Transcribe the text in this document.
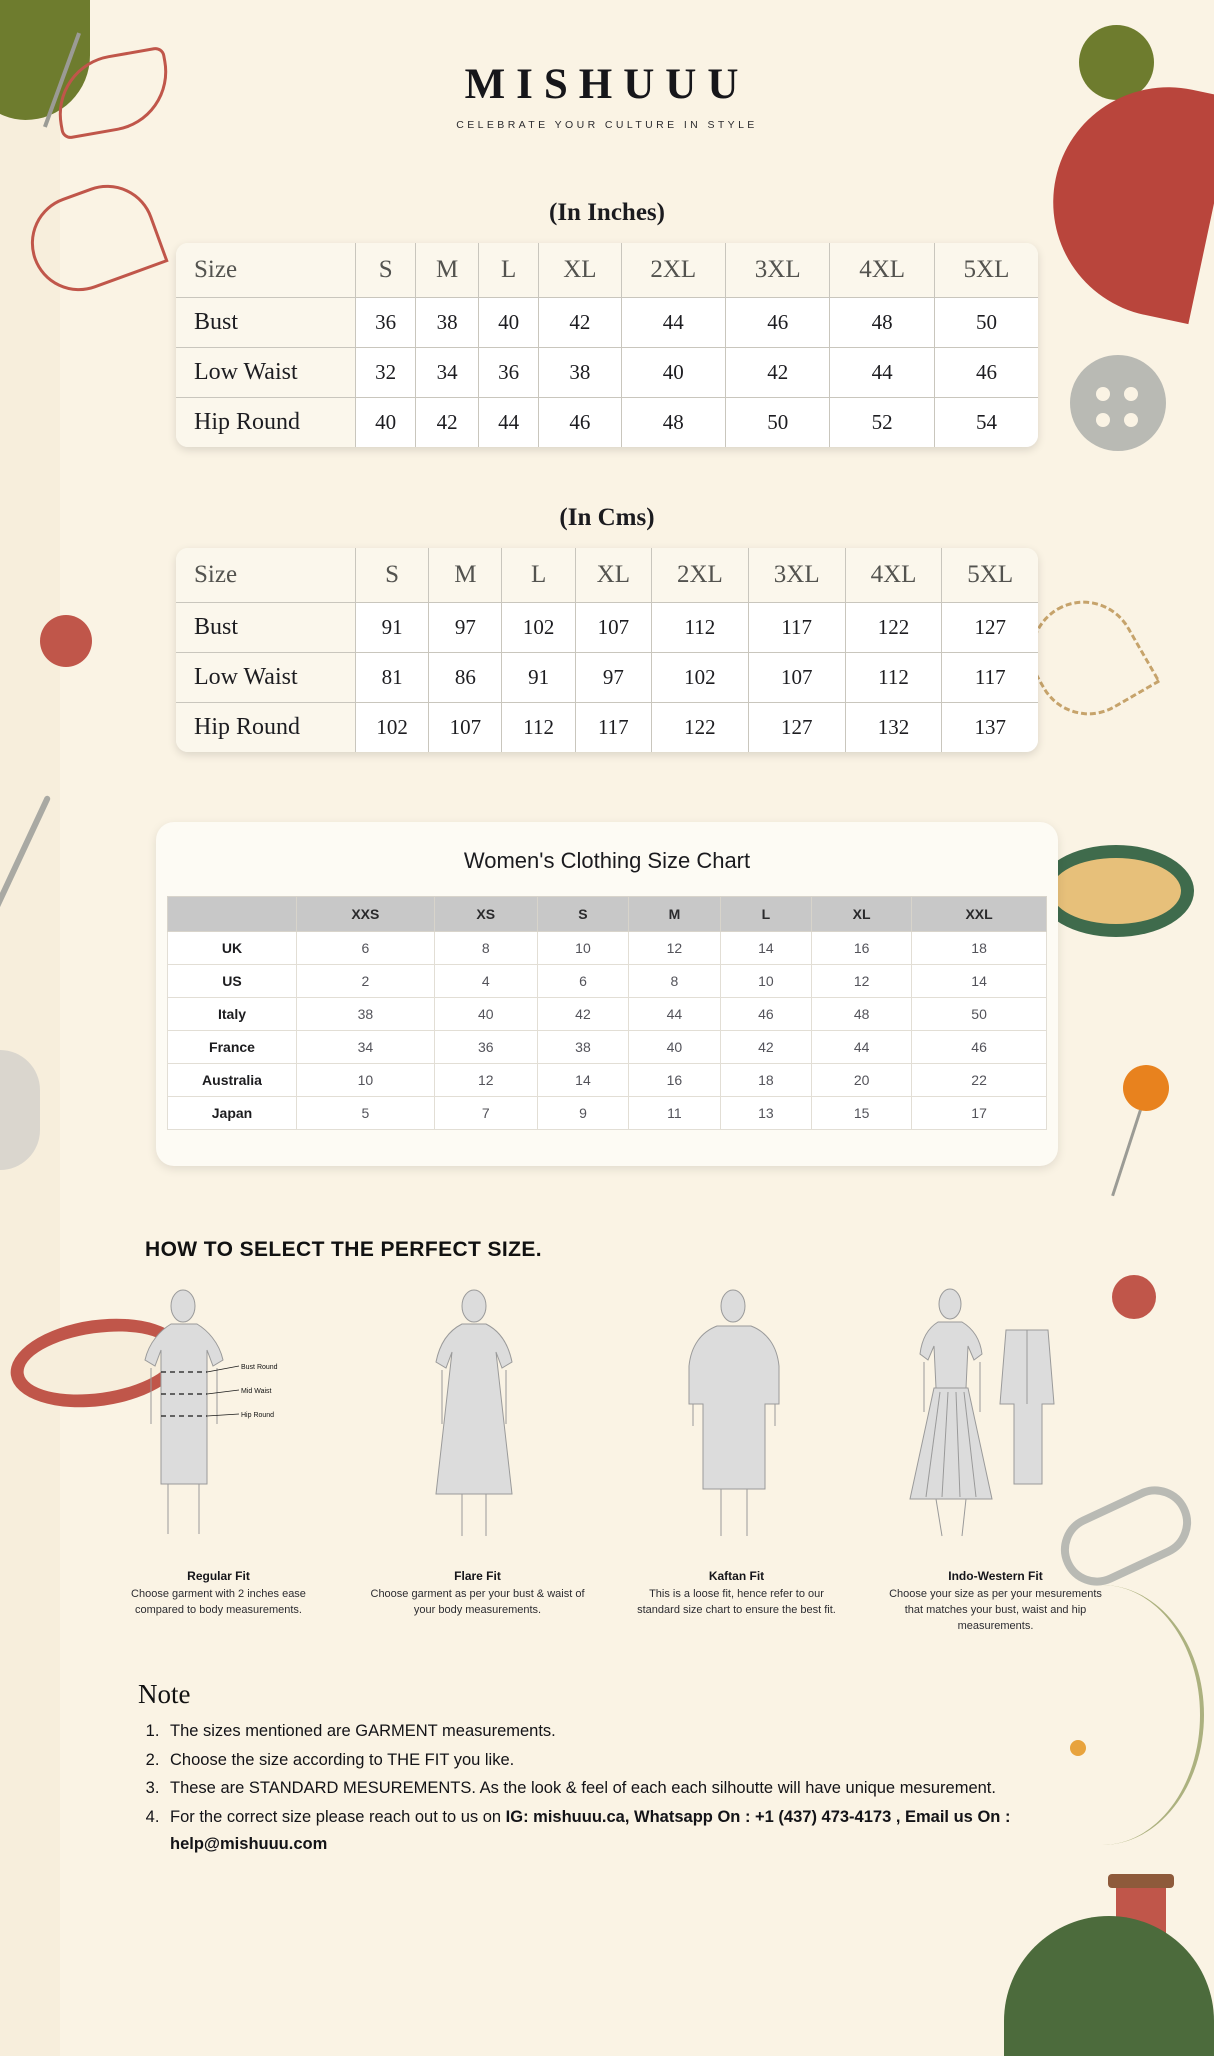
MISHUUU
CELEBRATE YOUR CULTURE IN STYLE
(In Inches)
Size	S	M	L	XL	2XL	3XL	4XL	5XL
Bust	36	38	40	42	44	46	48	50
Low Waist	32	34	36	38	40	42	44	46
Hip Round	40	42	44	46	48	50	52	54
(In Cms)
Size	S	M	L	XL	2XL	3XL	4XL	5XL
Bust	91	97	102	107	112	117	122	127
Low Waist	81	86	91	97	102	107	112	117
Hip Round	102	107	112	117	122	127	132	137
Women's Clothing Size Chart
	XXS	XS	S	M	L	XL	XXL
UK	6	8	10	12	14	16	18
US	2	4	6	8	10	12	14
Italy	38	40	42	44	46	48	50
France	34	36	38	40	42	44	46
Australia	10	12	14	16	18	20	22
Japan	5	7	9	11	13	15	17
HOW TO SELECT THE PERFECT SIZE.
Bust Round
Mid Waist
Hip Round
Regular Fit
Choose garment with 2 inches ease compared to body measurements.
Flare Fit
Choose garment as per your bust & waist of your body measurements.
Kaftan Fit
This is a loose fit, hence refer to our standard size chart to ensure the best fit.
Indo-Western Fit
Choose your size as per your mesurements that matches your bust, waist and hip measurements.
Note
1. The sizes mentioned are GARMENT measurements.
2. Choose the size according to THE FIT you like.
3. These are STANDARD MESUREMENTS. As the look & feel of each each silhoutte will have unique mesurement.
4. For the correct size please reach out to us on IG: mishuuu.ca, Whatsapp On : +1 (437) 473-4173 , Email us On : help@mishuuu.com
